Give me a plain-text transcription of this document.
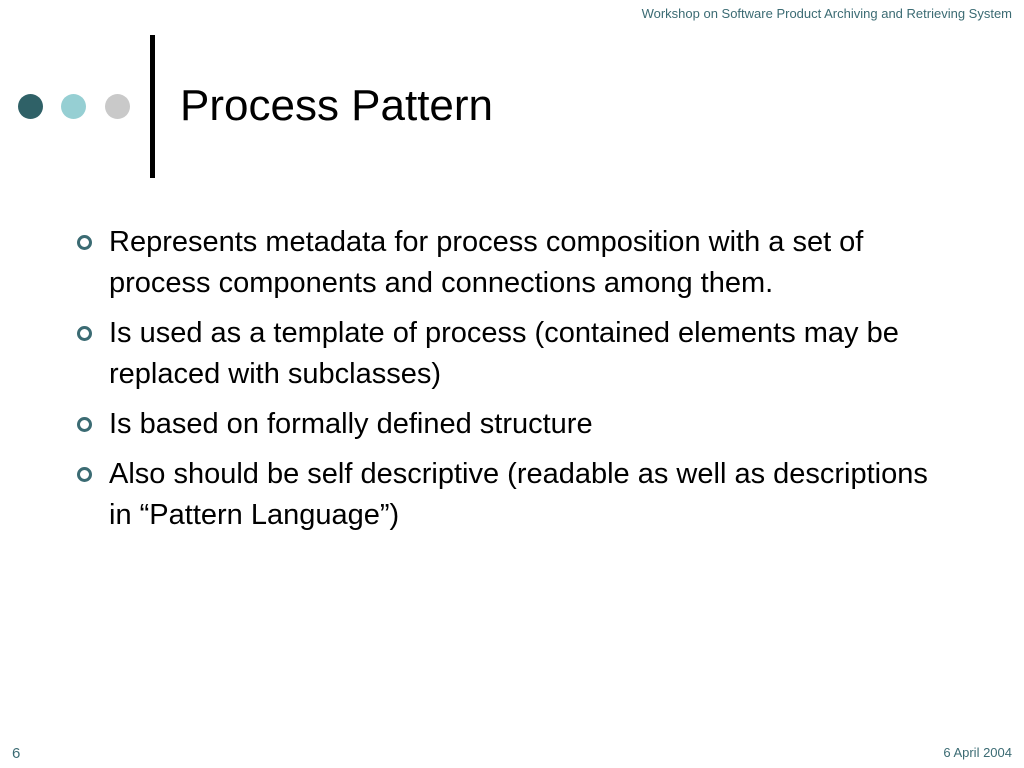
Workshop on Software Product Archiving and Retrieving System
Process Pattern
Represents metadata for process composition with a set of process components and connections among them.
Is used as a template of process (contained elements may be replaced with subclasses)
Is based on formally defined structure
Also should be self descriptive (readable as well as descriptions in “Pattern Language”)
6	6 April 2004
